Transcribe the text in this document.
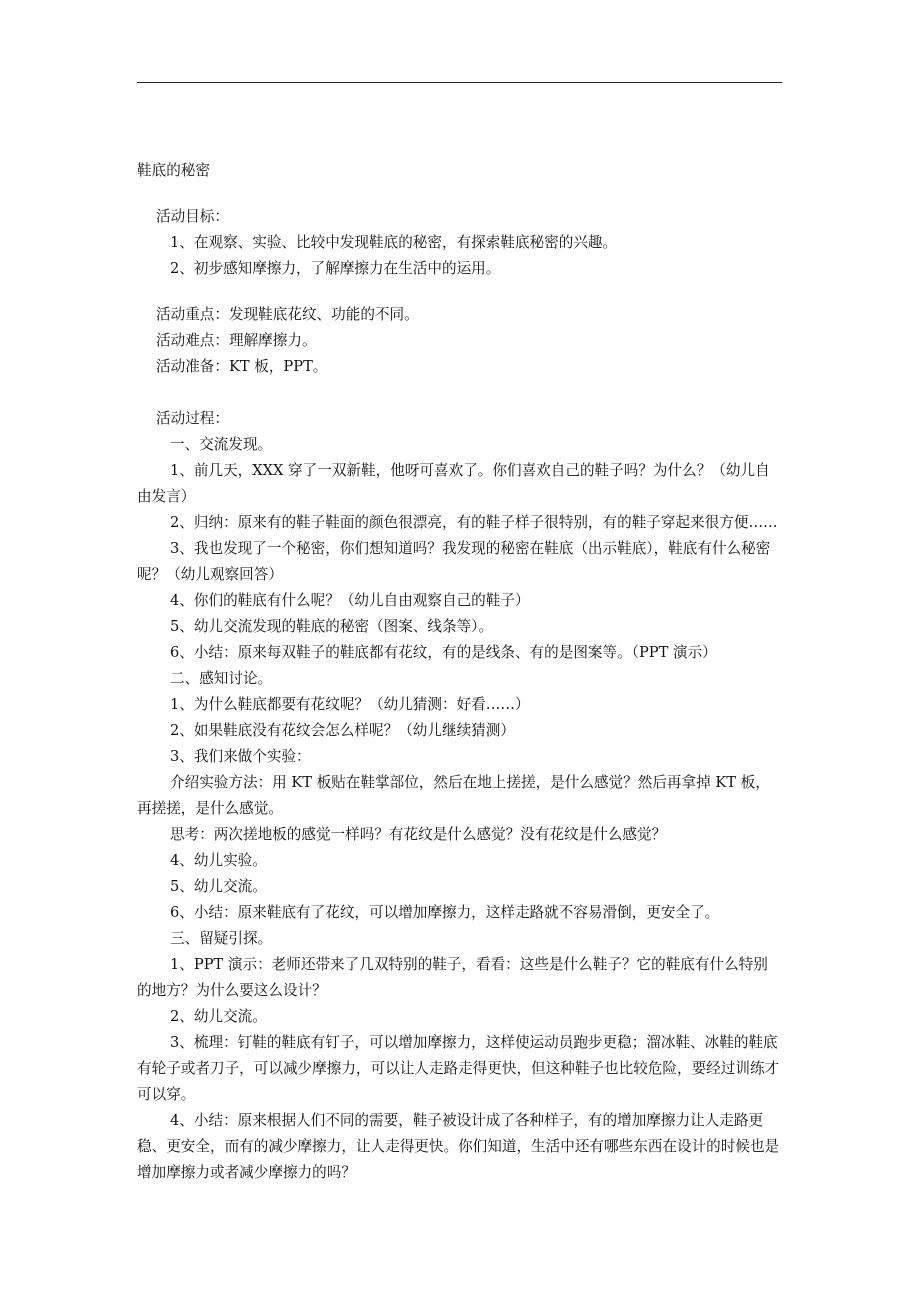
鞋底的秘密
活动目标：
1、在观察、实验、比较中发现鞋底的秘密，有探索鞋底秘密的兴趣。
2、初步感知摩擦力，了解摩擦力在生活中的运用。
活动重点：发现鞋底花纹、功能的不同。
活动难点：理解摩擦力。
活动准备：KT 板，PPT。
活动过程：
一、交流发现。
1、前几天，XXX 穿了一双新鞋，他呀可喜欢了。你们喜欢自己的鞋子吗？为什么？（幼儿自由发言）
2、归纳：原来有的鞋子鞋面的颜色很漂亮，有的鞋子样子很特别，有的鞋子穿起来很方便……
3、我也发现了一个秘密，你们想知道吗？我发现的秘密在鞋底（出示鞋底），鞋底有什么秘密呢？（幼儿观察回答）
4、你们的鞋底有什么呢？（幼儿自由观察自己的鞋子）
5、幼儿交流发现的鞋底的秘密（图案、线条等）。
6、小结：原来每双鞋子的鞋底都有花纹，有的是线条、有的是图案等。（PPT 演示）
二、感知讨论。
1、为什么鞋底都要有花纹呢？（幼儿猜测：好看……）
2、如果鞋底没有花纹会怎么样呢？（幼儿继续猜测）
3、我们来做个实验：
介绍实验方法：用 KT 板贴在鞋掌部位，然后在地上搓搓，是什么感觉？然后再拿掉 KT 板，再搓搓，是什么感觉。
思考：两次搓地板的感觉一样吗？有花纹是什么感觉？没有花纹是什么感觉？
4、幼儿实验。
5、幼儿交流。
6、小结：原来鞋底有了花纹，可以增加摩擦力，这样走路就不容易滑倒，更安全了。
三、留疑引探。
1、PPT 演示：老师还带来了几双特别的鞋子，看看：这些是什么鞋子？它的鞋底有什么特别的地方？为什么要这么设计？
2、幼儿交流。
3、梳理：钉鞋的鞋底有钉子，可以增加摩擦力，这样使运动员跑步更稳；溜冰鞋、冰鞋的鞋底有轮子或者刀子，可以减少摩擦力，可以让人走路走得更快，但这种鞋子也比较危险，要经过训练才可以穿。
4、小结：原来根据人们不同的需要，鞋子被设计成了各种样子，有的增加摩擦力让人走路更稳、更安全，而有的减少摩擦力，让人走得更快。你们知道，生活中还有哪些东西在设计的时候也是增加摩擦力或者减少摩擦力的吗？
